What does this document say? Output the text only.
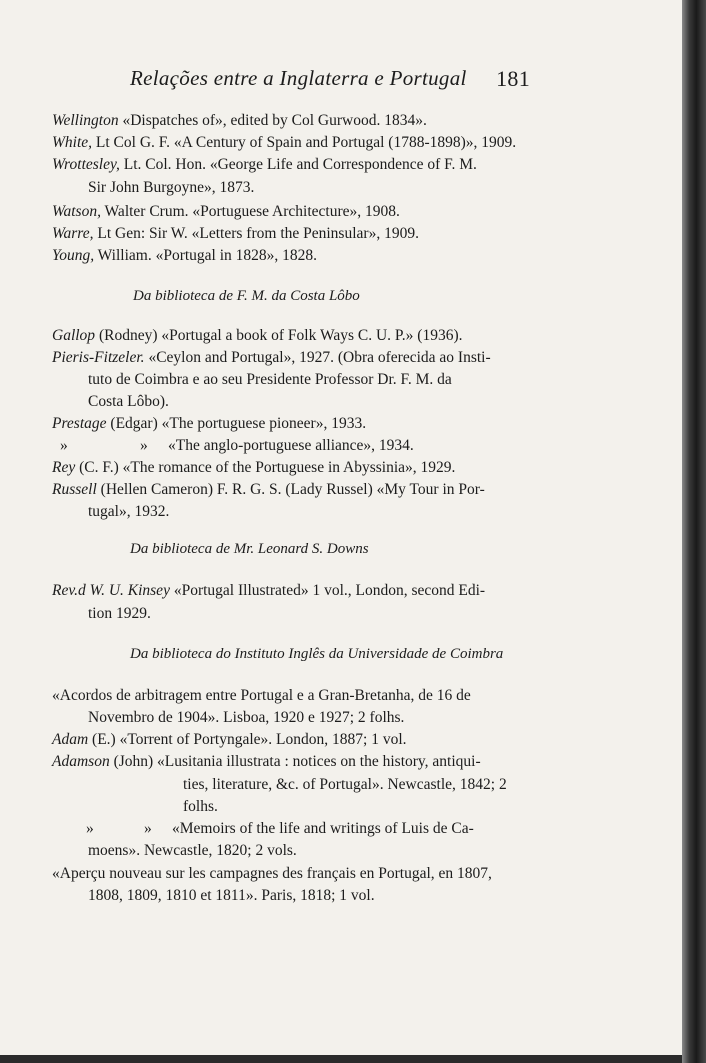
Relações entre a Inglaterra e Portugal 181
Wellington «Dispatches of», edited by Col Gurwood. 1834».
White, Lt Col G. F. «A Century of Spain and Portugal (1788-1898)», 1909.
Wrottesley, Lt. Col. Hon. «George Life and Correspondence of F. M.
Sir John Burgoyne», 1873.
Watson, Walter Crum. «Portuguese Architecture», 1908.
Warre, Lt Gen: Sir W. «Letters from the Peninsular», 1909.
Young, William. «Portugal in 1828», 1828.
Da biblioteca de F. M. da Costa Lôbo
Gallop (Rodney) «Portugal a book of Folk Ways C. U. P.» (1936).
Pieris-Fitzeler. «Ceylon and Portugal», 1927. (Obra oferecida ao Insti-
tuto de Coimbra e ao seu Presidente Professor Dr. F. M. da
Costa Lôbo).
Prestage (Edgar) «The portuguese pioneer», 1933.
»	» «The anglo-portuguese alliance», 1934.
Rey (C. F.) «The romance of the Portuguese in Abyssinia», 1929.
Russell (Hellen Cameron) F. R. G. S. (Lady Russel) «My Tour in Por-
tugal», 1932.
Da biblioteca de Mr. Leonard S. Downs
Rev.d W. U. Kinsey «Portugal Illustrated» 1 vol., London, second Edi-
tion 1929.
Da biblioteca do Instituto Inglês da Universidade de Coimbra
«Acordos de arbitragem entre Portugal e a Gran-Bretanha, de 16 de
Novembro de 1904». Lisboa, 1920 e 1927; 2 folhs.
Adam (E.) «Torrent of Portyngale». London, 1887; 1 vol.
Adamson (John) «Lusitania illustrata : notices on the history, antiqui-
ties, literature, &c. of Portugal». Newcastle, 1842; 2
folhs.
»	» «Memoirs of the life and writings of Luis de Ca-
moens». Newcastle, 1820; 2 vols.
«Aperçu nouveau sur les campagnes des français en Portugal, en 1807,
1808, 1809, 1810 et 1811». Paris, 1818; 1 vol.
